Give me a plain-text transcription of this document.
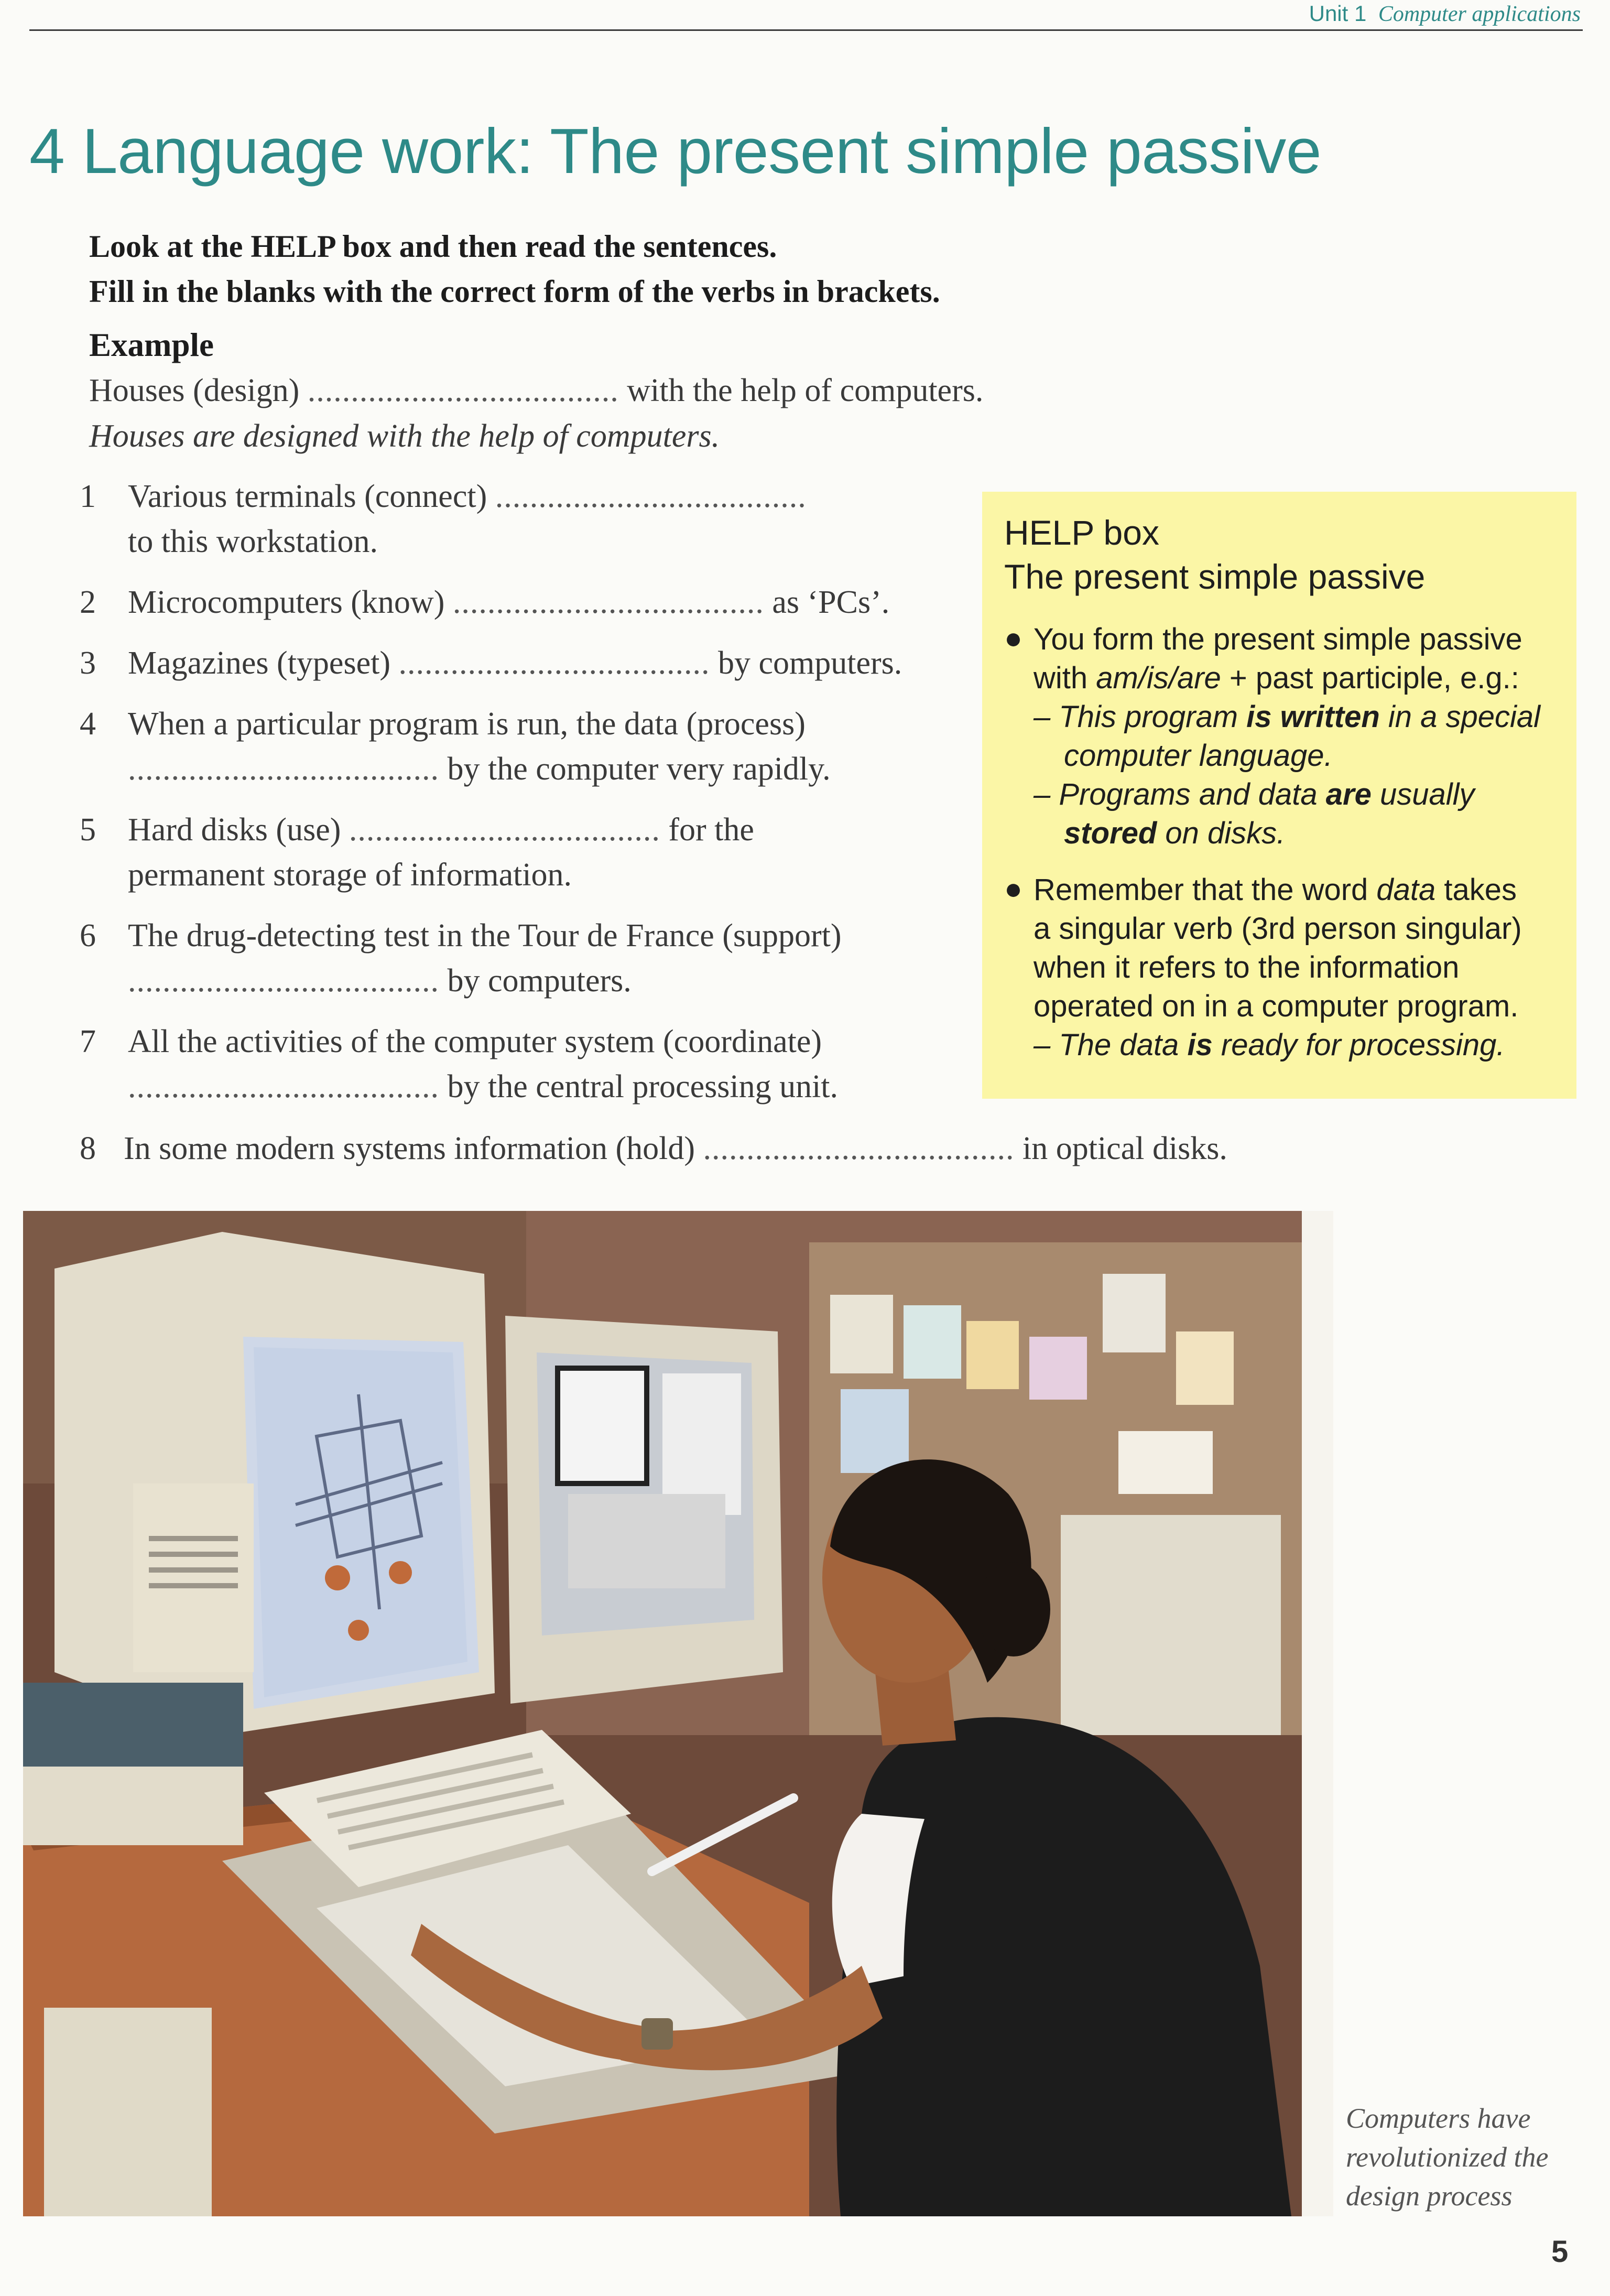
Unit 1 Computer applications
4 Language work: The present simple passive
Look at the HELP box and then read the sentences.
Fill in the blanks with the correct form of the verbs in brackets.
Example
Houses (design) .................................... with the help of computers.
Houses are designed with the help of computers.
1 Various terminals (connect) ....................................
to this workstation.
2 Microcomputers (know) .................................... as ‘PCs’.
3 Magazines (typeset) .................................... by computers.
4 When a particular program is run, the data (process)
.................................... by the computer very rapidly.
5 Hard disks (use) .................................... for the
permanent storage of information.
6 The drug-detecting test in the Tour de France (support)
.................................... by computers.
7 All the activities of the computer system (coordinate)
.................................... by the central processing unit.
8 In some modern systems information (hold) .................................... in optical disks.
HELP box
The present simple passive
● You form the present simple passive
with am/is/are + past participle, e.g.:
– This program is written in a special
computer language.
– Programs and data are usually
stored on disks.
● Remember that the word data takes
a singular verb (3rd person singular)
when it refers to the information
operated on in a computer program.
– The data is ready for processing.
Computers have
revolutionized the
design process
5
